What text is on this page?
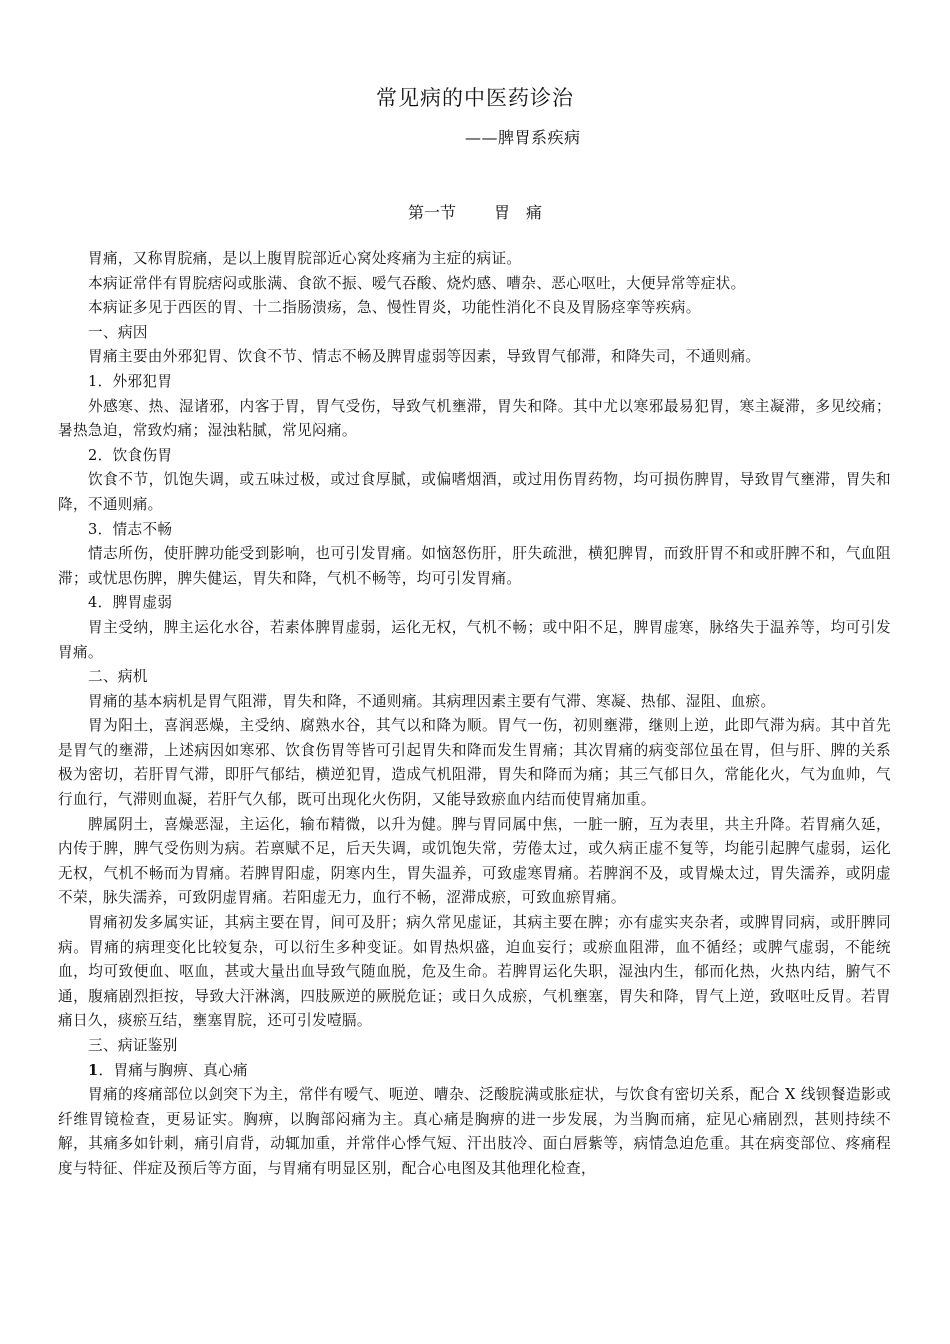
常见病的中医药诊治
——脾胃系疾病
第一节 胃　痛

胃痛，又称胃脘痛，是以上腹胃脘部近心窝处疼痛为主症的病证。

本病证常伴有胃脘痞闷或胀满、食欲不振、嗳气吞酸、烧灼感、嘈杂、恶心呕吐，大便异常等症状。

本病证多见于西医的胃、十二指肠溃疡，急、慢性胃炎，功能性消化不良及胃肠痉挛等疾病。

一、病因

胃痛主要由外邪犯胃、饮食不节、情志不畅及脾胃虚弱等因素，导致胃气郁滞，和降失司，不通则痛。

1．外邪犯胃

外感寒、热、湿诸邪，内客于胃，胃气受伤，导致气机壅滞，胃失和降。其中尤以寒邪最易犯胃，寒主凝滞，多见绞痛；暑热急迫，常致灼痛；湿浊粘腻，常见闷痛。

2．饮食伤胃

饮食不节，饥饱失调，或五味过极，或过食厚腻，或偏嗜烟酒，或过用伤胃药物，均可损伤脾胃，导致胃气壅滞，胃失和降，不通则痛。

3．情志不畅

情志所伤，使肝脾功能受到影响，也可引发胃痛。如恼怒伤肝，肝失疏泄，横犯脾胃，而致肝胃不和或肝脾不和，气血阻滞；或忧思伤脾，脾失健运，胃失和降，气机不畅等，均可引发胃痛。

4．脾胃虚弱

胃主受纳，脾主运化水谷，若素体脾胃虚弱，运化无权，气机不畅；或中阳不足，脾胃虚寒，脉络失于温养等，均可引发胃痛。

二、病机

胃痛的基本病机是胃气阻滞，胃失和降，不通则痛。其病理因素主要有气滞、寒凝、热郁、湿阻、血瘀。

胃为阳土，喜润恶燥，主受纳、腐熟水谷，其气以和降为顺。胃气一伤，初则壅滞，继则上逆，此即气滞为病。其中首先是胃气的壅滞，上述病因如寒邪、饮食伤胃等皆可引起胃失和降而发生胃痛；其次胃痛的病变部位虽在胃，但与肝、脾的关系极为密切，若肝胃气滞，即肝气郁结，横逆犯胃，造成气机阻滞，胃失和降而为痛；其三气郁日久，常能化火，气为血帅，气行血行，气滞则血凝，若肝气久郁，既可出现化火伤阴，又能导致瘀血内结而使胃痛加重。

脾属阴土，喜燥恶湿，主运化，输布精微，以升为健。脾与胃同属中焦，一脏一腑，互为表里，共主升降。若胃痛久延，内传于脾，脾气受伤则为病。若禀赋不足，后天失调，或饥饱失常，劳倦太过，或久病正虚不复等，均能引起脾气虚弱，运化无权，气机不畅而为胃痛。若脾胃阳虚，阴寒内生，胃失温养，可致虚寒胃痛。若脾润不及，或胃燥太过，胃失濡养，或阴虚不荣，脉失濡养，可致阴虚胃痛。若阳虚无力，血行不畅，涩滞成瘀，可致血瘀胃痛。

胃痛初发多属实证，其病主要在胃，间可及肝；病久常见虚证，其病主要在脾；亦有虚实夹杂者，或脾胃同病，或肝脾同病。胃痛的病理变化比较复杂，可以衍生多种变证。如胃热炽盛，迫血妄行；或瘀血阻滞，血不循经；或脾气虚弱，不能统血，均可致便血、呕血，甚或大量出血导致气随血脱，危及生命。若脾胃运化失职，湿浊内生，郁而化热，火热内结，腑气不通，腹痛剧烈拒按，导致大汗淋漓，四肢厥逆的厥脱危证；或日久成瘀，气机壅塞，胃失和降，胃气上逆，致呕吐反胃。若胃痛日久，痰瘀互结，壅塞胃脘，还可引发噎膈。

三、病证鉴别

1．胃痛与胸痹、真心痛

胃痛的疼痛部位以剑突下为主，常伴有嗳气、呃逆、嘈杂、泛酸脘满或胀症状，与饮食有密切关系，配合 X 线钡餐造影或纤维胃镜检查，更易证实。胸痹，以胸部闷痛为主。真心痛是胸痹的进一步发展，为当胸而痛，症见心痛剧烈，甚则持续不解，其痛多如针刺，痛引肩背，动辄加重，并常伴心悸气短、汗出肢冷、面白唇紫等，病情急迫危重。其在病变部位、疼痛程度与特征、伴症及预后等方面，与胃痛有明显区别，配合心电图及其他理化检查，
